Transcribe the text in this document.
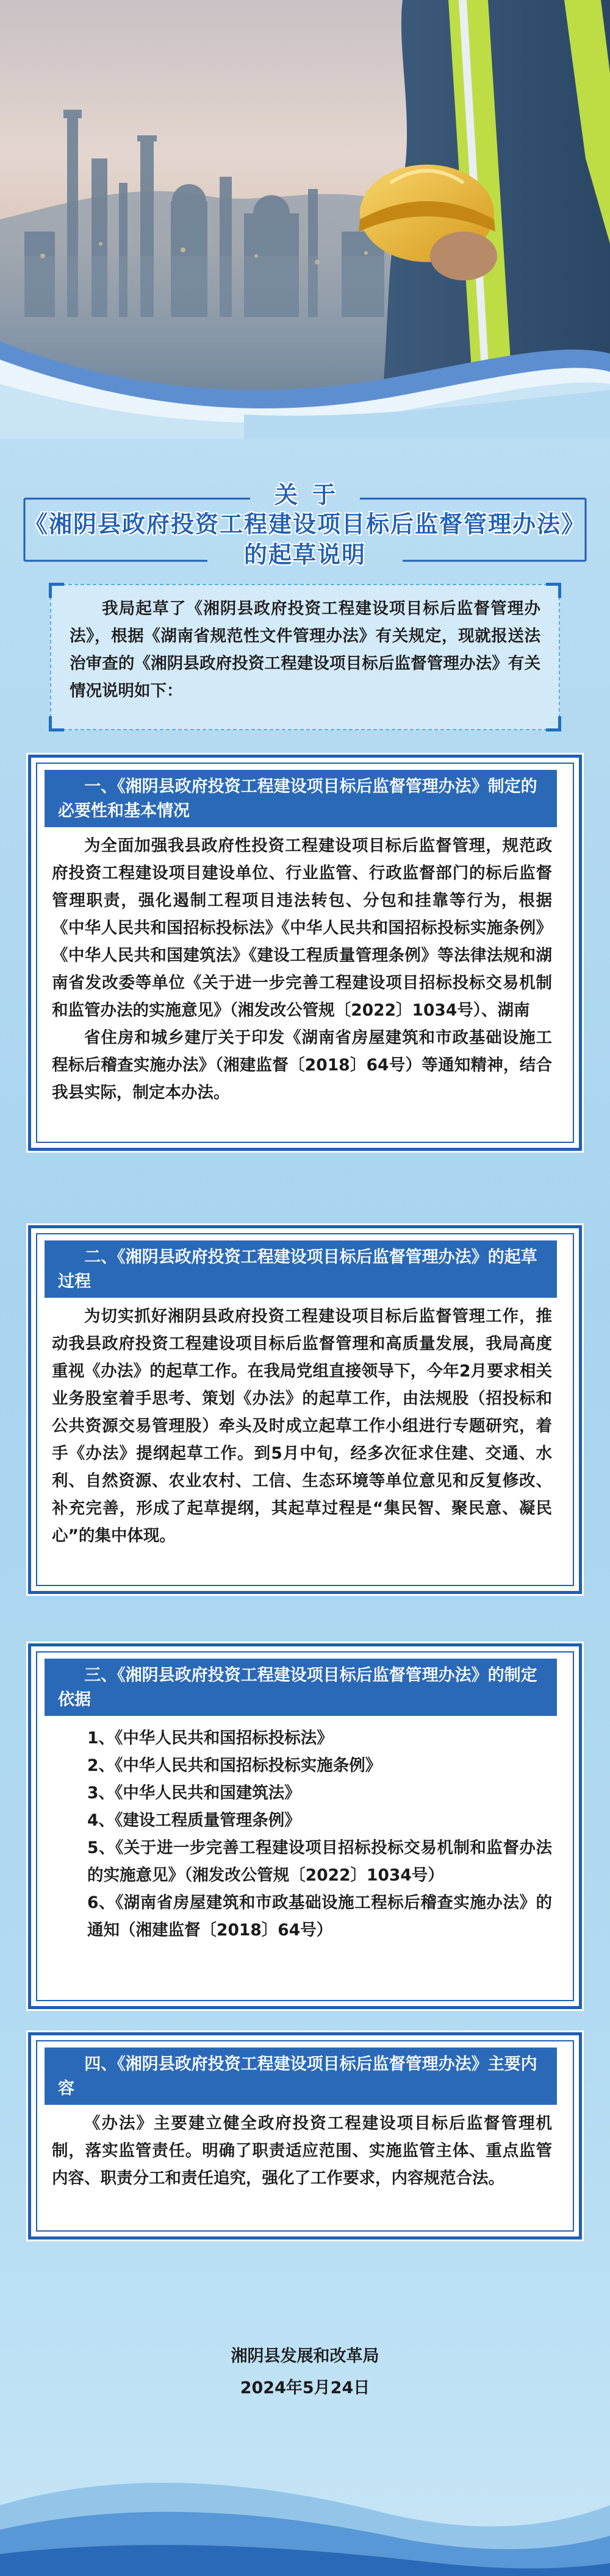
关于
《湘阴县政府投资工程建设项目标后监督管理办法》
的起草说明

我局起草了《湘阴县政府投资工程建设项目标后监督管理办法》，根据《湖南省规范性文件管理办法》有关规定，现就报送法治审查的《湘阴县政府投资工程建设项目标后监督管理办法》有关情况说明如下：

一、《湘阴县政府投资工程建设项目标后监督管理办法》制定的必要性和基本情况

为全面加强我县政府性投资工程建设项目标后监督管理，规范政府投资工程建设项目建设单位、行业监管、行政监督部门的标后监督管理职责，强化遏制工程项目违法转包、分包和挂靠等行为，根据《中华人民共和国招标投标法》《中华人民共和国招标投标实施条例》《中华人民共和国建筑法》《建设工程质量管理条例》等法律法规和湖南省发改委等单位《关于进一步完善工程建设项目招标投标交易机制和监管办法的实施意见》（湘发改公管规〔2022〕1034号）、湖南

省住房和城乡建厅关于印发《湖南省房屋建筑和市政基础设施工程标后稽查实施办法》（湘建监督〔2018〕64号）等通知精神，结合我县实际，制定本办法。

二、《湘阴县政府投资工程建设项目标后监督管理办法》的起草过程

为切实抓好湘阴县政府投资工程建设项目标后监督管理工作，推动我县政府投资工程建设项目标后监督管理和高质量发展，我局高度重视《办法》的起草工作。在我局党组直接领导下，今年2月要求相关业务股室着手思考、策划《办法》的起草工作，由法规股（招投标和公共资源交易管理股）牵头及时成立起草工作小组进行专题研究，着手《办法》提纲起草工作。到5月中旬，经多次征求住建、交通、水利、自然资源、农业农村、工信、生态环境等单位意见和反复修改、补充完善，形成了起草提纲，其起草过程是“集民智、聚民意、凝民心”的集中体现。

三、《湘阴县政府投资工程建设项目标后监督管理办法》的制定依据

1、《中华人民共和国招标投标法》

2、《中华人民共和国招标投标实施条例》

3、《中华人民共和国建筑法》

4、《建设工程质量管理条例》

5、《关于进一步完善工程建设项目招标投标交易机制和监督办法的实施意见》（湘发改公管规〔2022〕1034号）

6、《湖南省房屋建筑和市政基础设施工程标后稽查实施办法》的通知（湘建监督〔2018〕64号）

四、《湘阴县政府投资工程建设项目标后监督管理办法》主要内容

《办法》主要建立健全政府投资工程建设项目标后监督管理机制，落实监管责任。明确了职责适应范围、实施监管主体、重点监管内容、职责分工和责任追究，强化了工作要求，内容规范合法。

湘阴县发展和改革局
2024年5月24日
